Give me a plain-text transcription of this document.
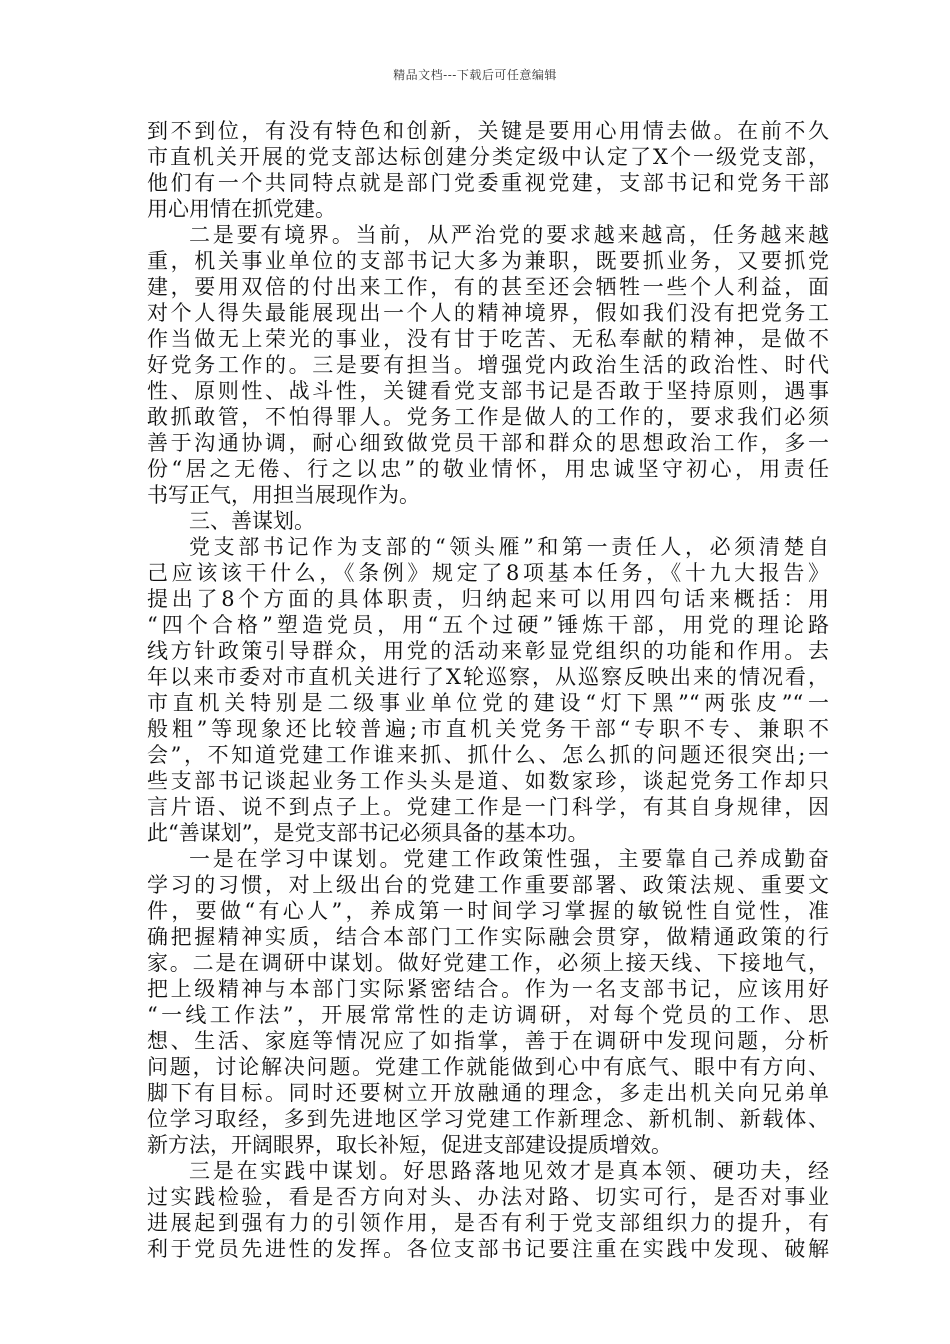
精品文档---下载后可任意编辑
到不到位，有没有特色和创新，关键是要用心用情去做。在前不久
市直机关开展的党支部达标创建分类定级中认定了X个一级党支部，
他们有一个共同特点就是部门党委重视党建，支部书记和党务干部
用心用情在抓党建。
二是要有境界。当前，从严治党的要求越来越高，任务越来越
重，机关事业单位的支部书记大多为兼职，既要抓业务，又要抓党
建，要用双倍的付出来工作，有的甚至还会牺牲一些个人利益，面
对个人得失最能展现出一个人的精神境界，假如我们没有把党务工
作当做无上荣光的事业，没有甘于吃苦、无私奉献的精神，是做不
好党务工作的。三是要有担当。增强党内政治生活的政治性、时代
性、原则性、战斗性，关键看党支部书记是否敢于坚持原则，遇事
敢抓敢管，不怕得罪人。党务工作是做人的工作的，要求我们必须
善于沟通协调，耐心细致做党员干部和群众的思想政治工作，多一
份“居之无倦、行之以忠”的敬业情怀，用忠诚坚守初心，用责任
书写正气，用担当展现作为。
三、善谋划。
党支部书记作为支部的“领头雁”和第一责任人，必须清楚自
己应该该干什么，《条例》规定了8项基本任务，《十九大报告》
提出了8个方面的具体职责，归纳起来可以用四句话来概括：用
“四个合格”塑造党员，用“五个过硬”锤炼干部，用党的理论路
线方针政策引导群众，用党的活动来彰显党组织的功能和作用。去
年以来市委对市直机关进行了X轮巡察，从巡察反映出来的情况看，
市直机关特别是二级事业单位党的建设“灯下黑”“两张皮”“一
般粗”等现象还比较普遍;市直机关党务干部“专职不专、兼职不
会”，不知道党建工作谁来抓、抓什么、怎么抓的问题还很突出;一
些支部书记谈起业务工作头头是道、如数家珍，谈起党务工作却只
言片语、说不到点子上。党建工作是一门科学，有其自身规律，因
此“善谋划”，是党支部书记必须具备的基本功。
一是在学习中谋划。党建工作政策性强，主要靠自己养成勤奋
学习的习惯，对上级出台的党建工作重要部署、政策法规、重要文
件，要做“有心人”，养成第一时间学习掌握的敏锐性自觉性，准
确把握精神实质，结合本部门工作实际融会贯穿，做精通政策的行
家。二是在调研中谋划。做好党建工作，必须上接天线、下接地气，
把上级精神与本部门实际紧密结合。作为一名支部书记，应该用好
“一线工作法”，开展常常性的走访调研，对每个党员的工作、思
想、生活、家庭等情况应了如指掌，善于在调研中发现问题，分析
问题，讨论解决问题。党建工作就能做到心中有底气、眼中有方向、
脚下有目标。同时还要树立开放融通的理念，多走出机关向兄弟单
位学习取经，多到先进地区学习党建工作新理念、新机制、新载体、
新方法，开阔眼界，取长补短，促进支部建设提质增效。
三是在实践中谋划。好思路落地见效才是真本领、硬功夫，经
过实践检验，看是否方向对头、办法对路、切实可行，是否对事业
进展起到强有力的引领作用，是否有利于党支部组织力的提升，有
利于党员先进性的发挥。各位支部书记要注重在实践中发现、破解
